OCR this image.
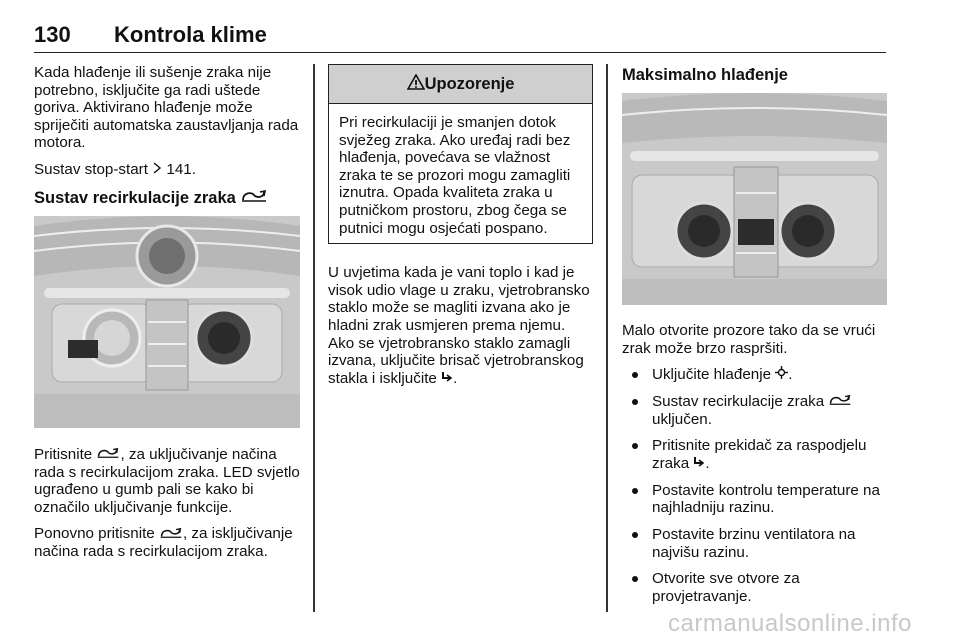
130 Kontrola klime

Kada hlađenje ili sušenje zraka nije potrebno, isključite ga radi uštede goriva. Aktivirano hlađenje može spriječiti automatska zaustavljanja rada motora.

Sustav stop-start  141.

Sustav recirkulacije zraka

Pritisnite , za uključivanje načina rada s recirkulacijom zraka. LED svjetlo ugrađeno u gumb pali se kako bi označilo uključivanje funkcije.

Ponovno pritisnite , za isključivanje načina rada s recirkulacijom zraka.

Upozorenje

Pri recirkulaciji je smanjen dotok svježeg zraka. Ako uređaj radi bez hlađenja, povećava se vlažnost zraka te se prozori mogu zamagliti iznutra. Opada kvaliteta zraka u putničkom prostoru, zbog čega se putnici mogu osjećati pospano.

U uvjetima kada je vani toplo i kad je visok udio vlage u zraku, vjetrobransko staklo može se magliti izvana ako je hladni zrak usmjeren prema njemu. Ako se vjetrobransko staklo zamagli izvana, uključite brisač vjetrobranskog stakla i isključite .

Maksimalno hlađenje

Malo otvorite prozore tako da se vrući zrak može brzo raspršiti.

Uključite hlađenje .
Sustav recirkulacije zraka
uključen.
Pritisnite prekidač za raspodjelu zraka .
Postavite kontrolu temperature na najhladniju razinu.
Postavite brzinu ventilatora na najvišu razinu.
Otvorite sve otvore za provjetravanje.
carmanualsonline.info
